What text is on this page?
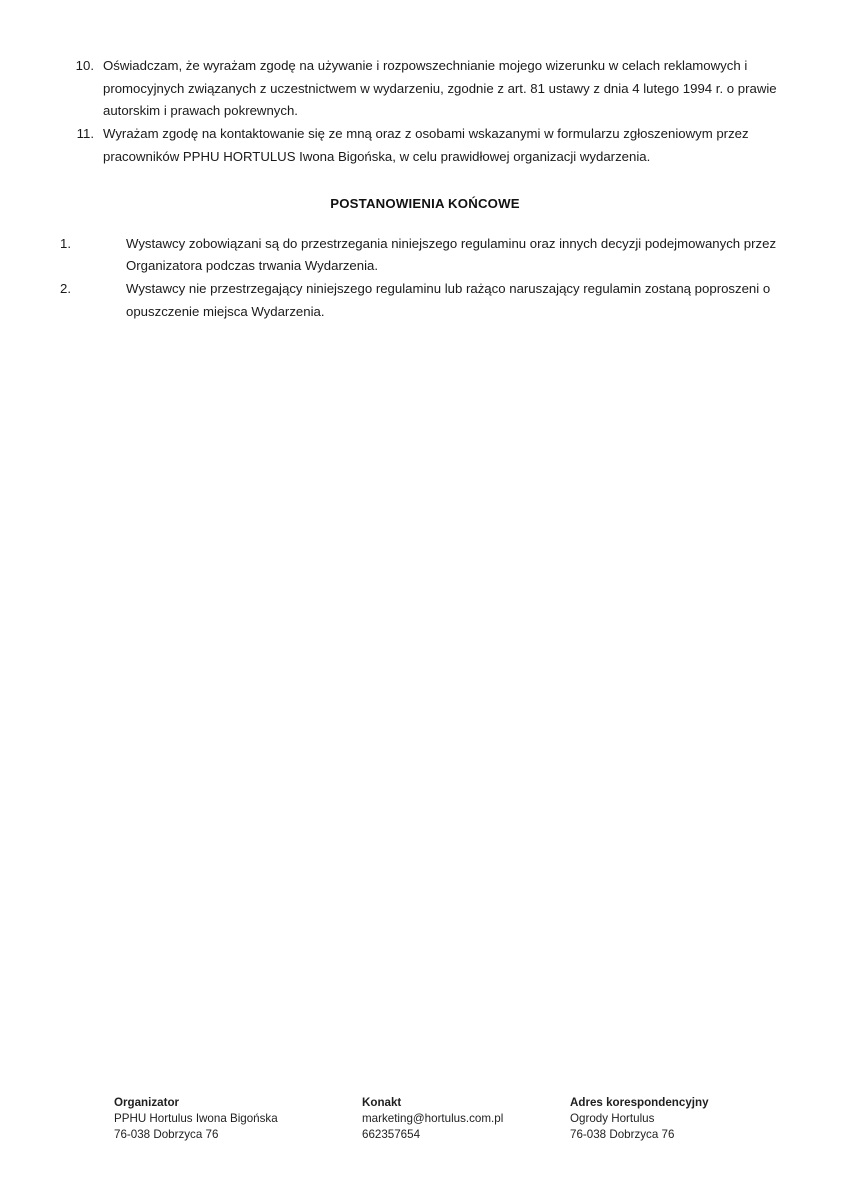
10. Oświadczam, że wyrażam zgodę na używanie i rozpowszechnianie mojego wizerunku w celach reklamowych i promocyjnych związanych z uczestnictwem w wydarzeniu, zgodnie z art. 81 ustawy z dnia 4 lutego 1994 r. o prawie autorskim i prawach pokrewnych.
11. Wyrażam zgodę na kontaktowanie się ze mną oraz z osobami wskazanymi w formularzu zgłoszeniowym przez pracowników PPHU HORTULUS Iwona Bigońska, w celu prawidłowej organizacji wydarzenia.
POSTANOWIENIA KOŃCOWE
1.	Wystawcy zobowiązani są do przestrzegania niniejszego regulaminu oraz innych decyzji podejmowanych przez Organizatora podczas trwania Wydarzenia.
2.	Wystawcy nie przestrzegający niniejszego regulaminu lub rażąco naruszający regulamin zostaną poproszeni o opuszczenie miejsca Wydarzenia.
Organizator
PPHU Hortulus Iwona Bigońska
76-038 Dobrzyca 76
Konakt
marketing@hortulus.com.pl
662357654
Adres korespondencyjny
Ogrody Hortulus
76-038 Dobrzyca 76
